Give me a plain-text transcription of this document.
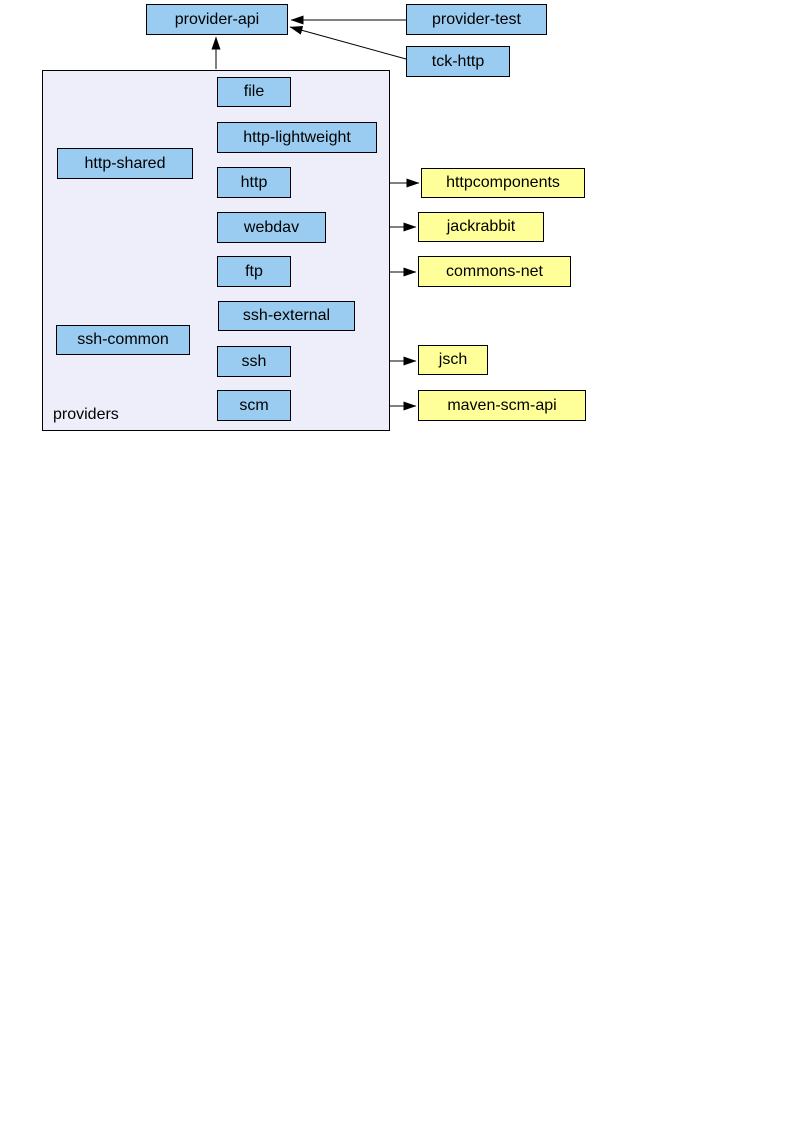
providers
provider-api	provider-test
tck-http
file
http-lightweight
http-shared
http
webdav
ftp
ssh-external
ssh-common
ssh
scm
httpcomponents
jackrabbit
commons-net
jsch
maven-scm-api
